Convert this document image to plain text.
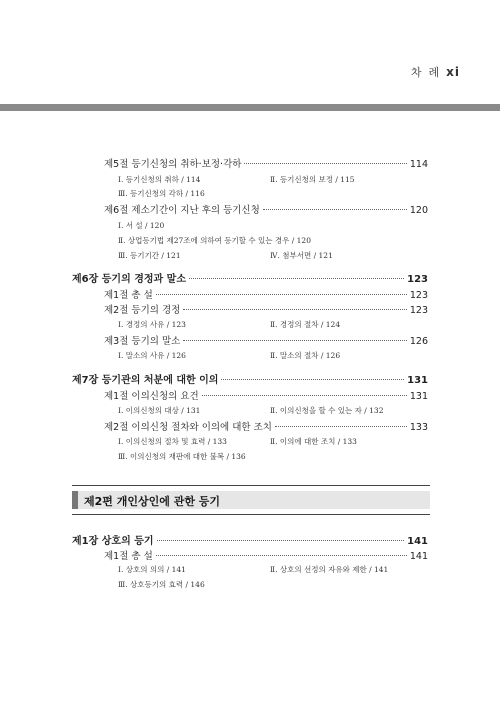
차 례 xi
제5절 등기신청의 취하·보정·각하	114
Ⅰ. 등기신청의 취하 / 114	Ⅱ. 등기신청의 보정 / 115
Ⅲ. 등기신청의 각하 / 116
제6절 제소기간이 지난 후의 등기신청	120
Ⅰ. 서 설 / 120
Ⅱ. 상업등기법 제27조에 의하여 등기할 수 있는 경우 / 120
Ⅲ. 등기기간 / 121	Ⅳ. 첨부서면 / 121
제6장 등기의 경정과 말소	123
제1절 총 설	123
제2절 등기의 경정	123
Ⅰ. 경정의 사유 / 123	Ⅱ. 경정의 절차 / 124
제3절 등기의 말소	126
Ⅰ. 말소의 사유 / 126	Ⅱ. 말소의 절차 / 126
제7장 등기관의 처분에 대한 이의	131
제1절 이의신청의 요건	131
Ⅰ. 이의신청의 대상 / 131	Ⅱ. 이의신청을 할 수 있는 자 / 132
제2절 이의신청 절차와 이의에 대한 조치	133
Ⅰ. 이의신청의 절차 및 효력 / 133	Ⅱ. 이의에 대한 조치 / 133
Ⅲ. 이의신청의 재판에 대한 불복 / 136
제2편 개인상인에 관한 등기
제1장 상호의 등기	141
제1절 총 설	141
Ⅰ. 상호의 의의 / 141	Ⅱ. 상호의 선정의 자유와 제한 / 141
Ⅲ. 상호등기의 효력 / 146
